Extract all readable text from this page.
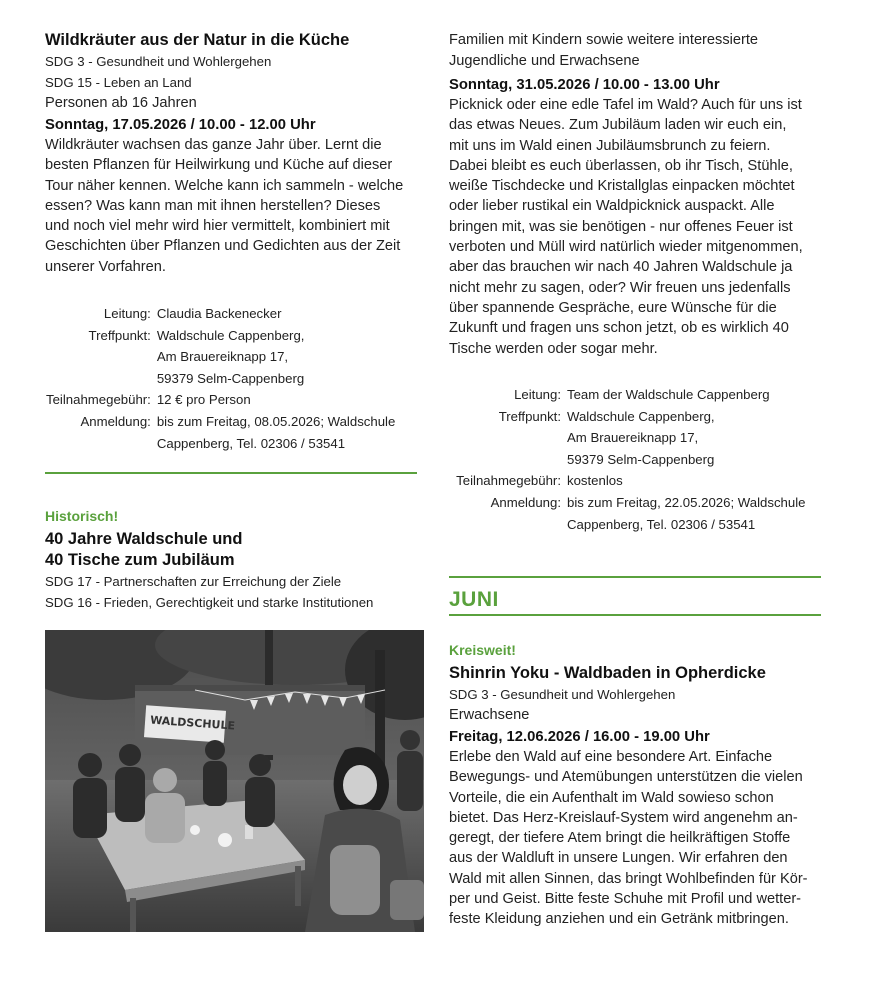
Wildkräuter aus der Natur in die Küche

SDG 3 - Gesundheit und Wohlergehen

SDG 15 - Leben an Land

Personen ab 16 Jahren

Sonntag, 17.05.2026 / 10.00 - 12.00 Uhr

Wildkräuter wachsen das ganze Jahr über. Lernt die

besten Pflanzen für Heilwirkung und Küche auf dieser

Tour näher kennen. Welche kann ich sammeln - welche

essen? Was kann man mit ihnen herstellen? Dieses

und noch viel mehr wird hier vermittelt, kombiniert mit

Geschichten über Pflanzen und Gedichten aus der Zeit

unserer Vorfahren.

Leitung:	Claudia Backenecker
Treffpunkt:	Waldschule Cappenberg,
	Am Brauereiknapp 17,
	59379 Selm-Cappenberg
Teilnahmegebühr:	12 € pro Person
Anmeldung:	bis zum Freitag, 08.05.2026; Waldschule
	Cappenberg, Tel. 02306 / 53541

Historisch!

40 Jahre Waldschule und

40 Tische zum Jubiläum

SDG 17 - Partnerschaften zur Erreichung der Ziele

SDG 16 - Frieden, Gerechtigkeit und starke Institutionen

WALDSCHULE

Familien mit Kindern sowie weitere interessierte

Jugendliche und Erwachsene

Sonntag, 31.05.2026 / 10.00 - 13.00 Uhr

Picknick oder eine edle Tafel im Wald? Auch für uns ist

das etwas Neues. Zum Jubiläum laden wir euch ein,

mit uns im Wald einen Jubiläumsbrunch zu feiern.

Dabei bleibt es euch überlassen, ob ihr Tisch, Stühle,

weiße Tischdecke und Kristallglas einpacken möchtet

oder lieber rustikal ein Waldpicknick auspackt. Alle

bringen mit, was sie benötigen - nur offenes Feuer ist

verboten und Müll wird natürlich wieder mitgenommen,

aber das brauchen wir nach 40 Jahren Waldschule ja

nicht mehr zu sagen, oder? Wir freuen uns jedenfalls

über spannende Gespräche, eure Wünsche für die

Zukunft und fragen uns schon jetzt, ob es wirklich 40

Tische werden oder sogar mehr.

Leitung:	Team der Waldschule Cappenberg
Treffpunkt:	Waldschule Cappenberg,
	Am Brauereiknapp 17,
	59379 Selm-Cappenberg
Teilnahmegebühr:	kostenlos
Anmeldung:	bis zum Freitag, 22.05.2026; Waldschule
	Cappenberg, Tel. 02306 / 53541

JUNI

Kreisweit!

Shinrin Yoku - Waldbaden in Opherdicke

SDG 3 - Gesundheit und Wohlergehen

Erwachsene

Freitag, 12.06.2026 / 16.00 - 19.00 Uhr

Erlebe den Wald auf eine besondere Art. Einfache

Bewegungs- und Atemübungen unterstützen die vielen

Vorteile, die ein Aufenthalt im Wald sowieso schon

bietet. Das Herz-Kreislauf-System wird angenehm an-

geregt, der tiefere Atem bringt die heilkräftigen Stoffe

aus der Waldluft in unsere Lungen. Wir erfahren den

Wald mit allen Sinnen, das bringt Wohlbefinden für Kör-

per und Geist. Bitte feste Schuhe mit Profil und wetter-

feste Kleidung anziehen und ein Getränk mitbringen.
